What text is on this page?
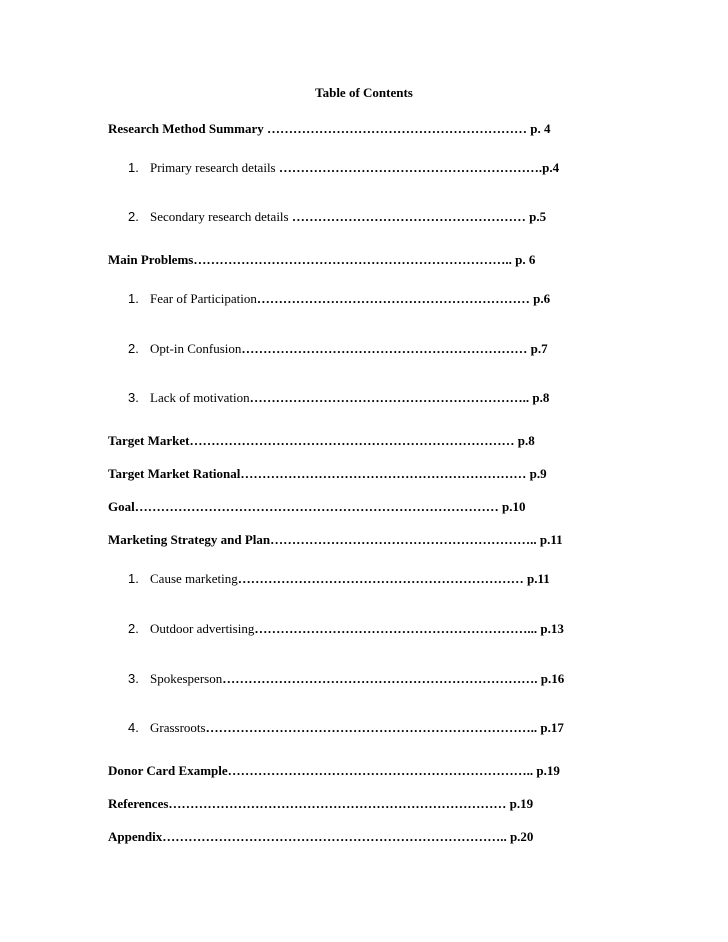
Table of Contents
Research Method Summary …………………………………………………… p. 4
1. Primary research details …………………………………………………….p.4
2. Secondary research details ……………………………………………… p.5
Main Problems……………………………………………………………….. p. 6
1. Fear of Participation……………………………………………………… p.6
2. Opt-in Confusion………………………………………………………… p.7
3. Lack of motivation……………………………………………………….. p.8
Target Market………………………………………………………………… p.8
Target Market Rational………………………………………………………… p.9
Goal………………………………………………………………………… p.10
Marketing Strategy and Plan…………………………………………………….. p.11
1. Cause marketing………………………………………………………… p.11
2. Outdoor advertising………………………………………………………... p.13
3. Spokesperson………………………………………………………………. p.16
4. Grassroots………………………………………………………………….. p.17
Donor Card Example…………………………………………………………….. p.19
References…………………………………………………………………… p.19
Appendix…………………………………………………………………….. p.20
